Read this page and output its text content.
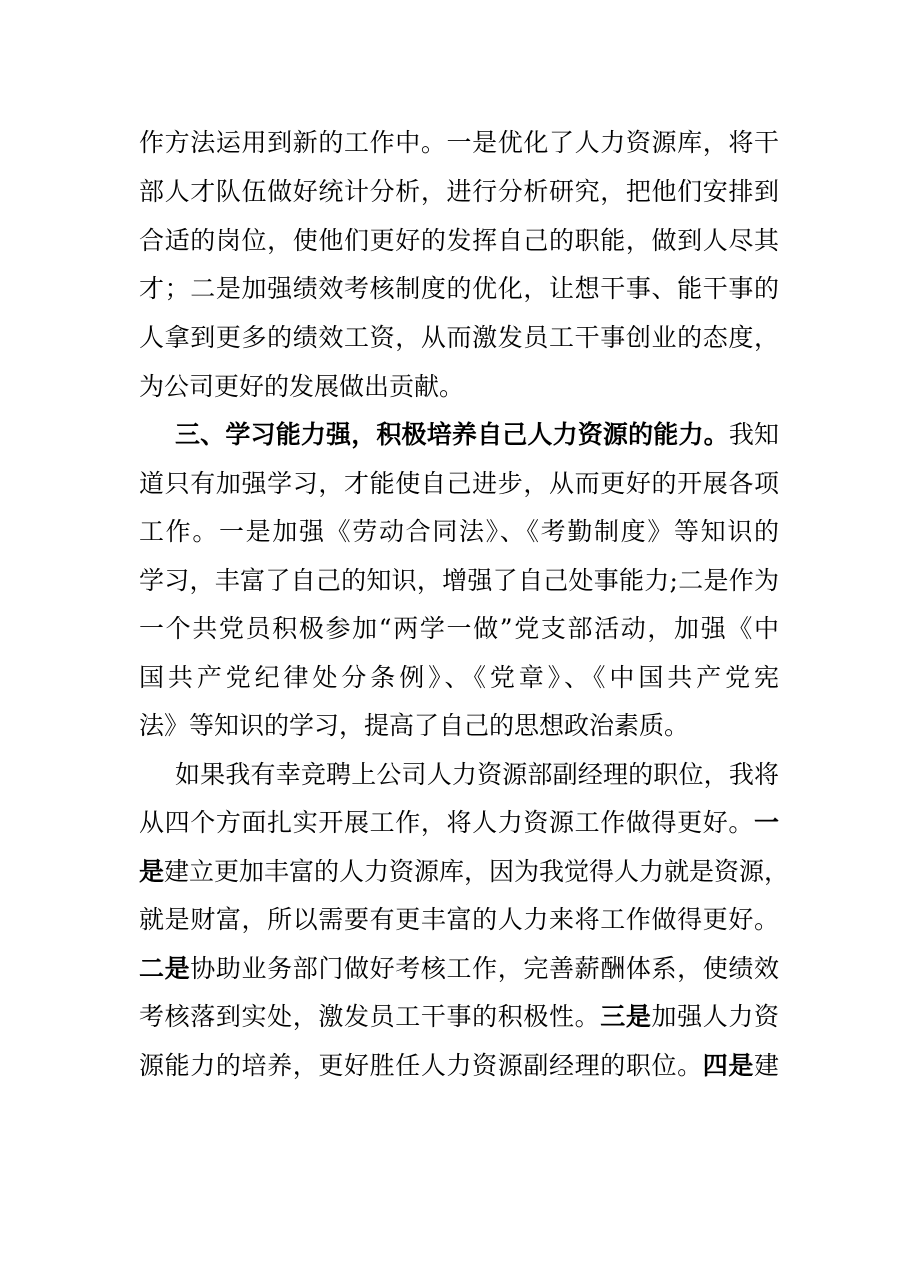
作方法运用到新的工作中。一是优化了人力资源库，将干
部人才队伍做好统计分析，进行分析研究，把他们安排到
合适的岗位，使他们更好的发挥自己的职能，做到人尽其
才；二是加强绩效考核制度的优化，让想干事、能干事的
人拿到更多的绩效工资，从而激发员工干事创业的态度，
为公司更好的发展做出贡献。
三、学习能力强，积极培养自己人力资源的能力。我知
道只有加强学习，才能使自己进步，从而更好的开展各项
工作。一是加强《劳动合同法》、《考勤制度》等知识的
学习，丰富了自己的知识，增强了自己处事能力;二是作为
一个共党员积极参加“两学一做”党支部活动，加强《中
国共产党纪律处分条例》、《党章》、《中国共产党宪
法》等知识的学习，提高了自己的思想政治素质。
如果我有幸竞聘上公司人力资源部副经理的职位，我将
从四个方面扎实开展工作，将人力资源工作做得更好。一
是建立更加丰富的人力资源库，因为我觉得人力就是资源，
就是财富，所以需要有更丰富的人力来将工作做得更好。
二是协助业务部门做好考核工作，完善薪酬体系，使绩效
考核落到实处，激发员工干事的积极性。三是加强人力资
源能力的培养，更好胜任人力资源副经理的职位。四是建
